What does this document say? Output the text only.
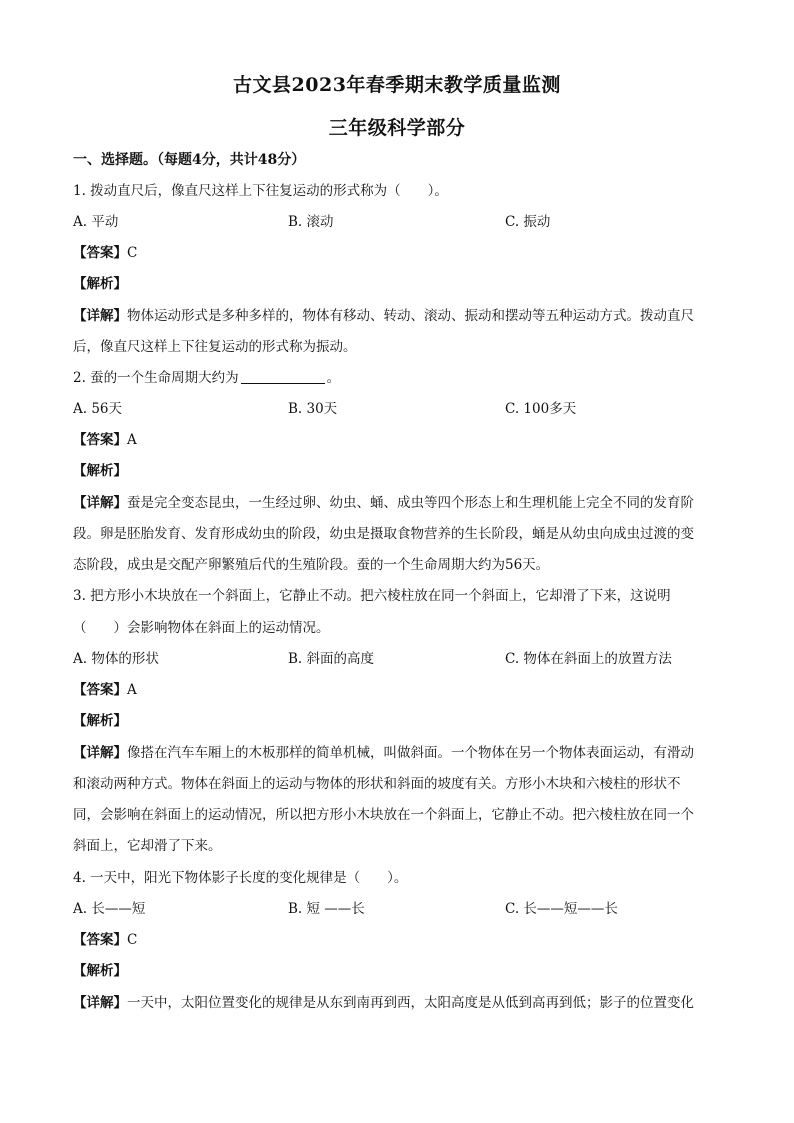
古文县2023年春季期末教学质量监测
三年级科学部分
一、选择题。（每题4分，共计48分）
1. 拨动直尺后，像直尺这样上下往复运动的形式称为（　　）。
A. 平动	B. 滚动	C. 振动
【答案】C
【解析】
【详解】物体运动形式是多种多样的，物体有移动、转动、滚动、振动和摆动等五种运动方式。拨动直尺
后，像直尺这样上下往复运动的形式称为振动。
2. 蚕的一个生命周期大约为	。
A. 56天	B. 30天	C. 100多天
【答案】A
【解析】
【详解】蚕是完全变态昆虫，一生经过卵、幼虫、蛹、成虫等四个形态上和生理机能上完全不同的发育阶
段。卵是胚胎发育、发育形成幼虫的阶段，幼虫是摄取食物营养的生长阶段，蛹是从幼虫向成虫过渡的变
态阶段，成虫是交配产卵繁殖后代的生殖阶段。蚕的一个生命周期大约为56天。
3. 把方形小木块放在一个斜面上，它静止不动。把六棱柱放在同一个斜面上，它却滑了下来，这说明
（　　）会影响物体在斜面上的运动情况。
A. 物体的形状	B. 斜面的高度	C. 物体在斜面上的放置方法
【答案】A
【解析】
【详解】像搭在汽车车厢上的木板那样的简单机械，叫做斜面。一个物体在另一个物体表面运动，有滑动
和滚动两种方式。物体在斜面上的运动与物体的形状和斜面的坡度有关。方形小木块和六棱柱的形状不
同，会影响在斜面上的运动情况，所以把方形小木块放在一个斜面上，它静止不动。把六棱柱放在同一个
斜面上，它却滑了下来。
4. 一天中，阳光下物体影子长度的变化规律是（　　）。
A. 长——短	B. 短 ——长	C. 长——短——长
【答案】C
【解析】
【详解】一天中，太阳位置变化的规律是从东到南再到西，太阳高度是从低到高再到低；影子的位置变化
